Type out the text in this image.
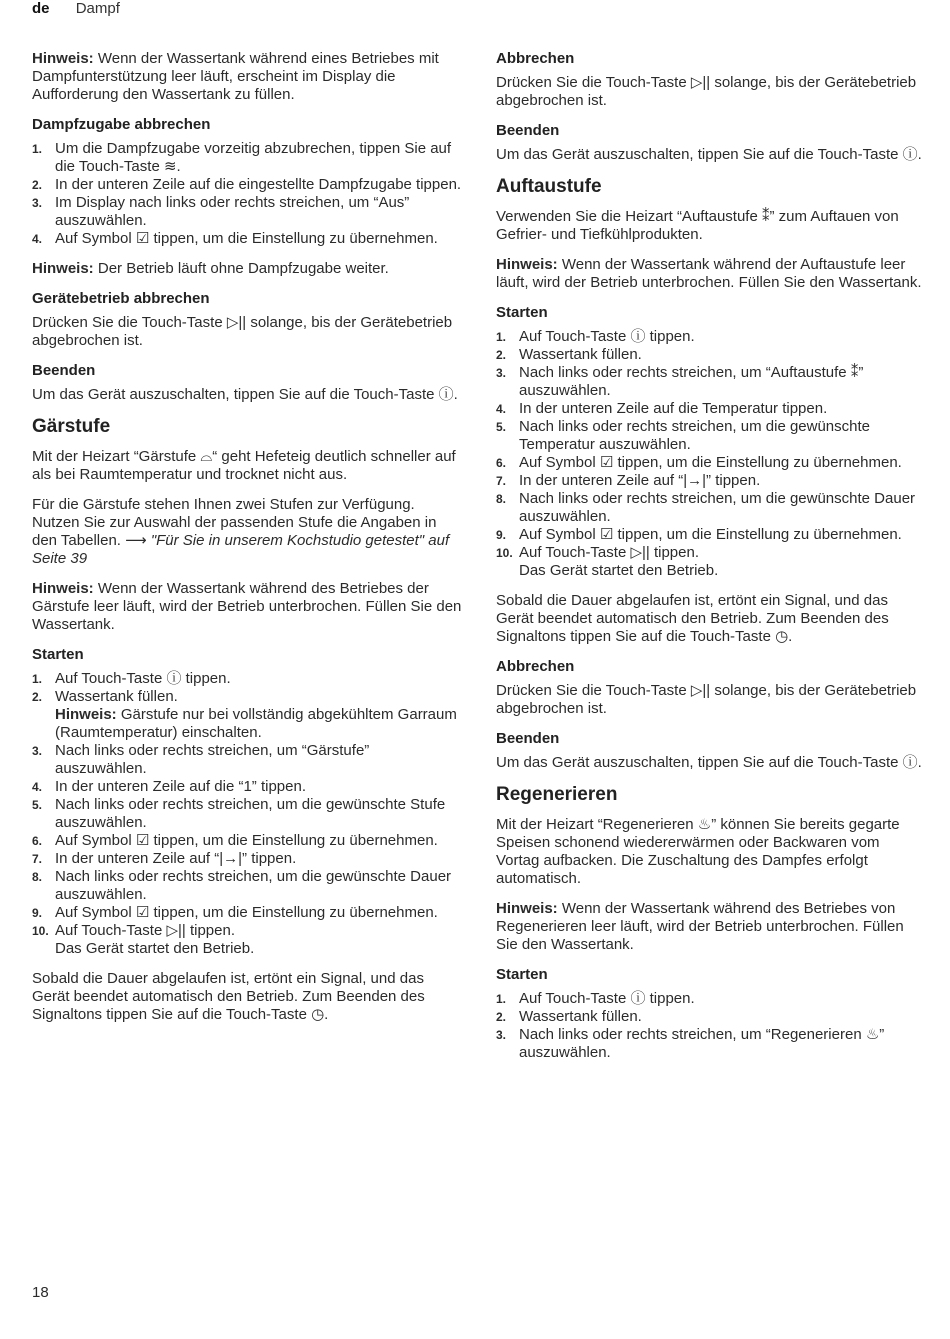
de Dampf

Hinweis: Wenn der Wassertank während eines Betriebes mit Dampfunterstützung leer läuft, erscheint im Display die Aufforderung den Wassertank zu füllen.

Dampfzugabe abbrechen
1. Um die Dampfzugabe vorzeitig abzubrechen, tippen Sie auf die Touch-Taste ≋.
2. In der unteren Zeile auf die eingestellte Dampfzugabe tippen.
3. Im Display nach links oder rechts streichen, um “Aus” auszuwählen.
4. Auf Symbol ☑ tippen, um die Einstellung zu übernehmen.

Hinweis: Der Betrieb läuft ohne Dampfzugabe weiter.

Gerätebetrieb abbrechen

Drücken Sie die Touch-Taste ▷|| solange, bis der Gerätebetrieb abgebrochen ist.

Beenden

Um das Gerät auszuschalten, tippen Sie auf die Touch-Taste ⓘ.

Gärstufe

Mit der Heizart “Gärstufe ⌓“ geht Hefeteig deutlich schneller auf als bei Raumtemperatur und trocknet nicht aus.

Für die Gärstufe stehen Ihnen zwei Stufen zur Verfügung. Nutzen Sie zur Auswahl der passenden Stufe die Angaben in den Tabellen. ⟶ "Für Sie in unserem Kochstudio getestet" auf Seite 39

Hinweis: Wenn der Wassertank während des Betriebes der Gärstufe leer läuft, wird der Betrieb unterbrochen. Füllen Sie den Wassertank.

Starten
1. Auf Touch-Taste ⓘ tippen.
2. Wassertank füllen.
Hinweis: Gärstufe nur bei vollständig abgekühltem Garraum (Raumtemperatur) einschalten.
3. Nach links oder rechts streichen, um “Gärstufe” auszuwählen.
4. In der unteren Zeile auf die “1” tippen.
5. Nach links oder rechts streichen, um die gewünschte Stufe auszuwählen.
6. Auf Symbol ☑ tippen, um die Einstellung zu übernehmen.
7. In der unteren Zeile auf “|→|” tippen.
8. Nach links oder rechts streichen, um die gewünschte Dauer auszuwählen.
9. Auf Symbol ☑ tippen, um die Einstellung zu übernehmen.
10. Auf Touch-Taste ▷|| tippen.
Das Gerät startet den Betrieb.

Sobald die Dauer abgelaufen ist, ertönt ein Signal, und das Gerät beendet automatisch den Betrieb. Zum Beenden des Signaltons tippen Sie auf die Touch-Taste ◷.

Abbrechen

Drücken Sie die Touch-Taste ▷|| solange, bis der Gerätebetrieb abgebrochen ist.

Beenden

Um das Gerät auszuschalten, tippen Sie auf die Touch-Taste ⓘ.

Auftaustufe

Verwenden Sie die Heizart “Auftaustufe ⁑” zum Auftauen von Gefrier- und Tiefkühlprodukten.

Hinweis: Wenn der Wassertank während der Auftaustufe leer läuft, wird der Betrieb unterbrochen. Füllen Sie den Wassertank.

Starten
1. Auf Touch-Taste ⓘ tippen.
2. Wassertank füllen.
3. Nach links oder rechts streichen, um “Auftaustufe ⁑” auszuwählen.
4. In der unteren Zeile auf die Temperatur tippen.
5. Nach links oder rechts streichen, um die gewünschte Temperatur auszuwählen.
6. Auf Symbol ☑ tippen, um die Einstellung zu übernehmen.
7. In der unteren Zeile auf “|→|” tippen.
8. Nach links oder rechts streichen, um die gewünschte Dauer auszuwählen.
9. Auf Symbol ☑ tippen, um die Einstellung zu übernehmen.
10. Auf Touch-Taste ▷|| tippen.
Das Gerät startet den Betrieb.

Sobald die Dauer abgelaufen ist, ertönt ein Signal, und das Gerät beendet automatisch den Betrieb. Zum Beenden des Signaltons tippen Sie auf die Touch-Taste ◷.

Abbrechen

Drücken Sie die Touch-Taste ▷|| solange, bis der Gerätebetrieb abgebrochen ist.

Beenden

Um das Gerät auszuschalten, tippen Sie auf die Touch-Taste ⓘ.

Regenerieren

Mit der Heizart “Regenerieren ♨” können Sie bereits gegarte Speisen schonend wiedererwärmen oder Backwaren vom Vortag aufbacken. Die Zuschaltung des Dampfes erfolgt automatisch.

Hinweis: Wenn der Wassertank während des Betriebes von Regenerieren leer läuft, wird der Betrieb unterbrochen. Füllen Sie den Wassertank.

Starten
1. Auf Touch-Taste ⓘ tippen.
2. Wassertank füllen.
3. Nach links oder rechts streichen, um “Regenerieren ♨” auszuwählen.
18
